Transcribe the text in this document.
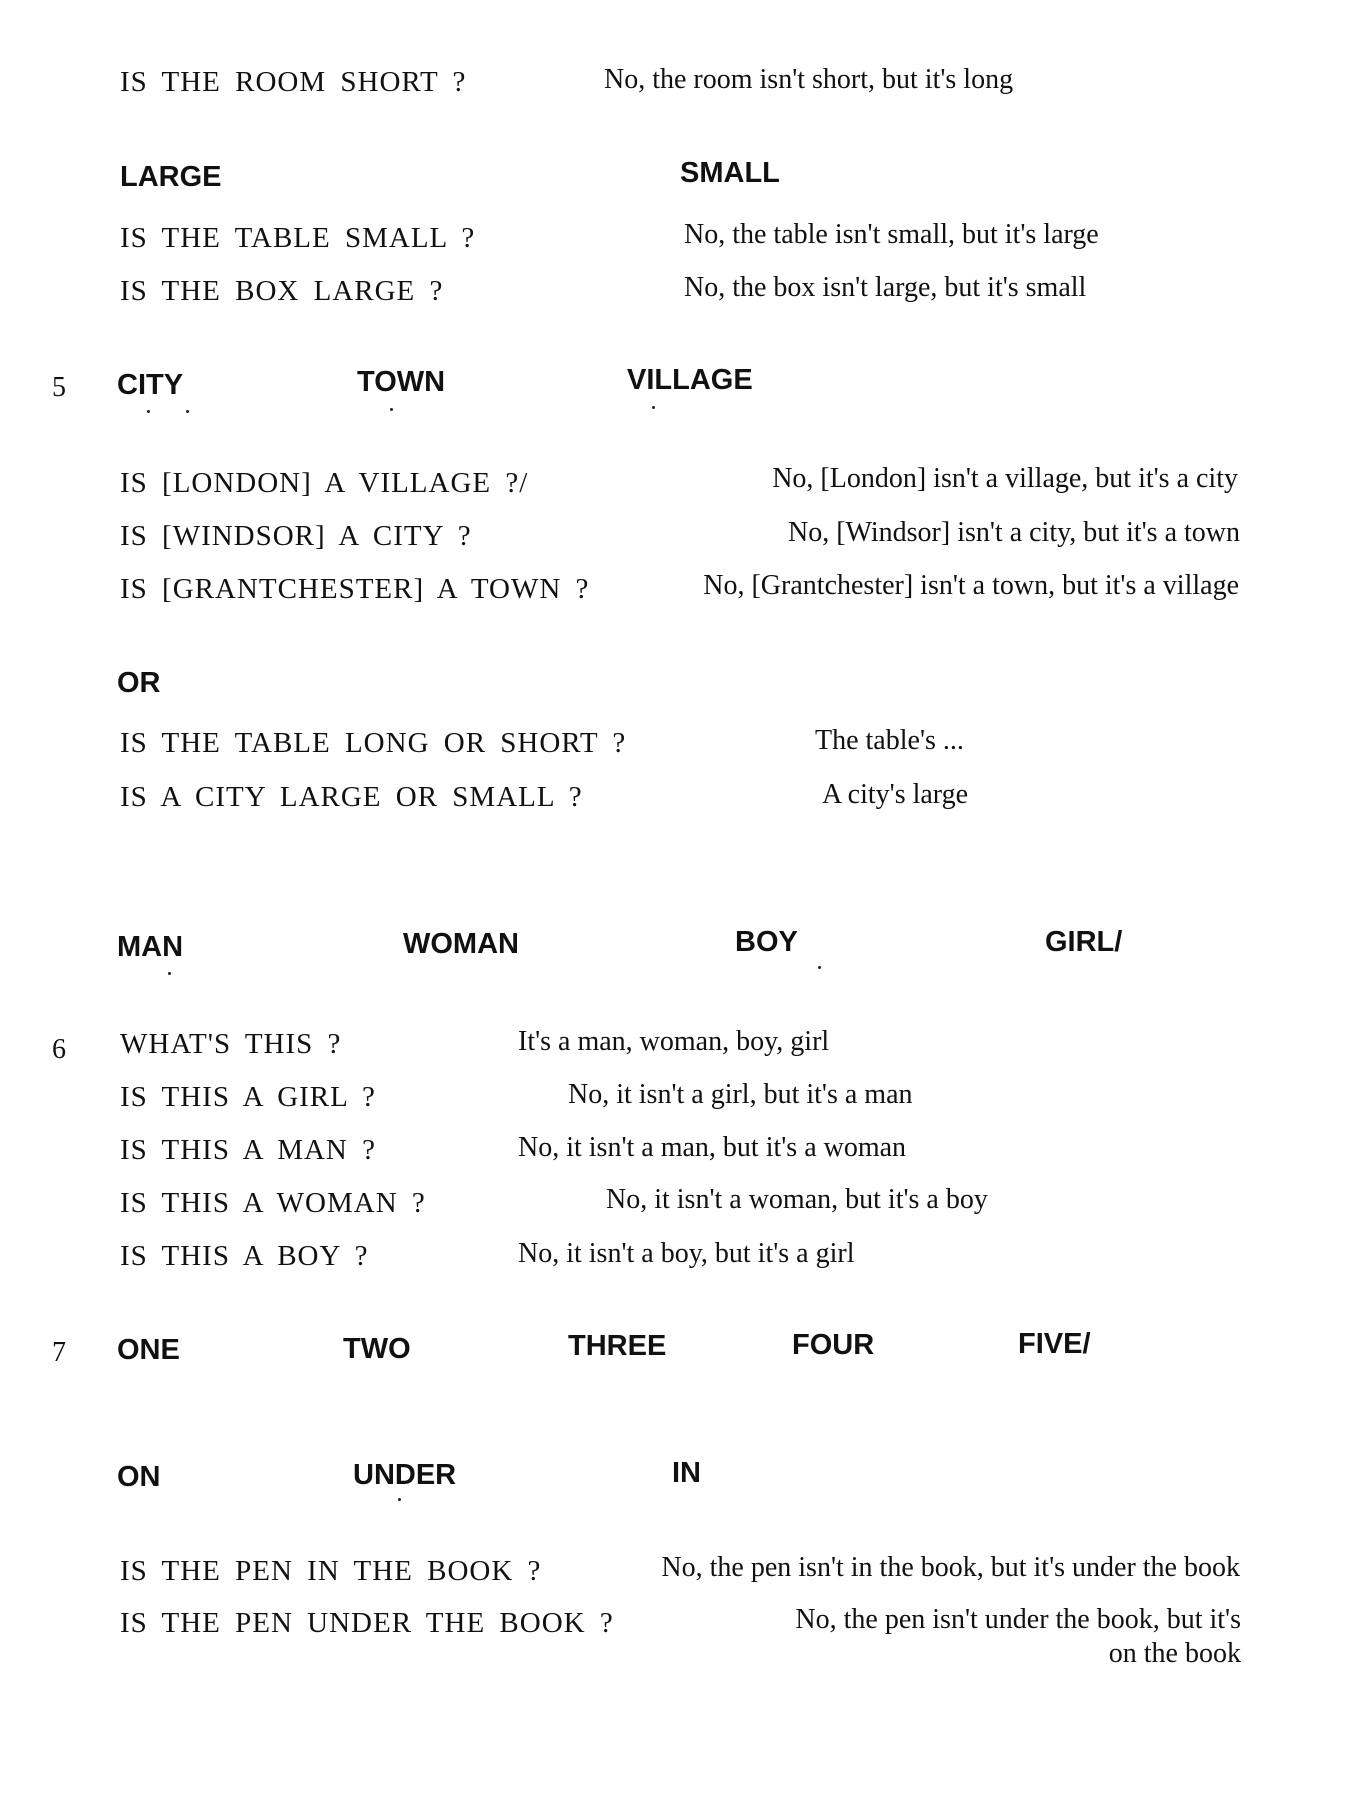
IS THE ROOM SHORT ?	No, the room isn't short, but it's long
LARGE	SMALL
IS THE TABLE SMALL ?	No, the table isn't small, but it's large
IS THE BOX LARGE ?	No, the box isn't large, but it's small
5 CITY	TOWN	VILLAGE
IS [LONDON] A VILLAGE ?/	No, [London] isn't a village, but it's a city
IS [WINDSOR] A CITY ?	No, [Windsor] isn't a city, but it's a town
IS [GRANTCHESTER] A TOWN ?	No, [Grantchester] isn't a town, but it's a village
OR
IS THE TABLE LONG OR SHORT ?	The table's ...
IS A CITY LARGE OR SMALL ?	A city's large
MAN	WOMAN	BOY	GIRL/
6 WHAT'S THIS ?	It's a man, woman, boy, girl
IS THIS A GIRL ?	No, it isn't a girl, but it's a man
IS THIS A MAN ?	No, it isn't a man, but it's a woman
IS THIS A WOMAN ?	No, it isn't a woman, but it's a boy
IS THIS A BOY ?	No, it isn't a boy, but it's a girl
7 ONE	TWO	THREE	FOUR	FIVE/
ON	UNDER	IN
IS THE PEN IN THE BOOK ?	No, the pen isn't in the book, but it's under the book
IS THE PEN UNDER THE BOOK ?	No, the pen isn't under the book, but it's
on the book
